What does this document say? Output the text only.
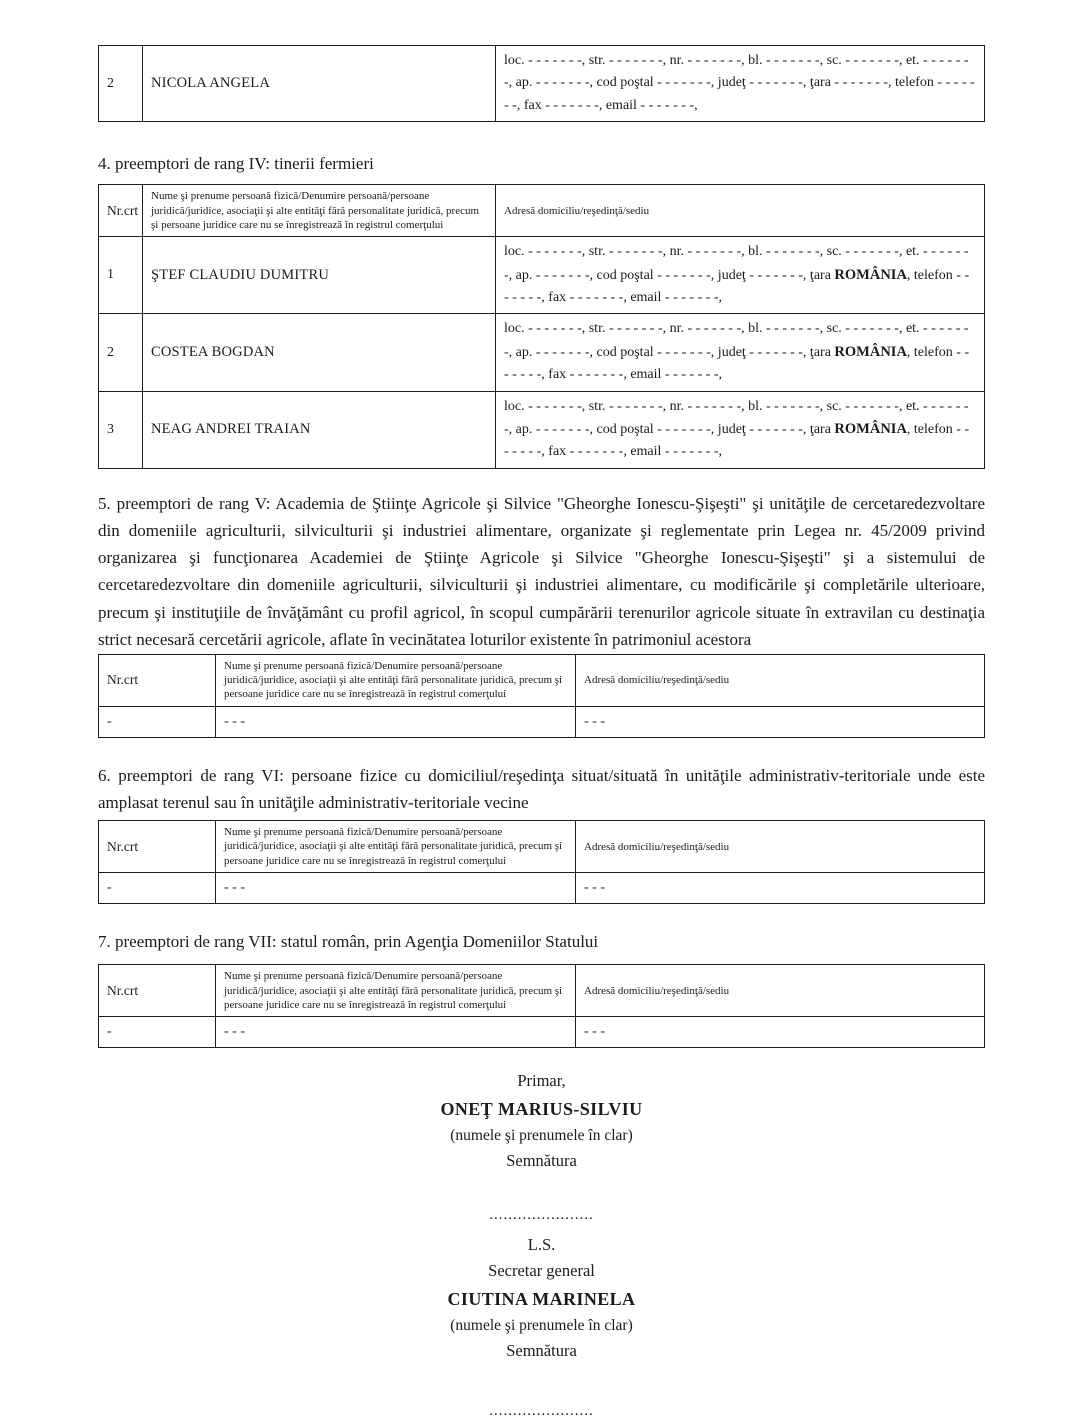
2	NICOLA ANGELA	loc. - - - - - - -, str. - - - - - - -, nr. - - - - - - -, bl. - - - - - - -, sc. - - - - - - -, et. - - - - - - -, ap. - - - - - - -, cod poştal - - - - - - -, judeţ - - - - - - -, ţara - - - - - - -, telefon - - - - - - -, fax - - - - - - -, email - - - - - - -,

4. preemptori de rang IV: tinerii fermieri

Nr.crt	Nume şi prenume persoană fizică/Denumire persoană/persoane juridică/juridice, asociaţii şi alte entităţi fără personalitate juridică, precum şi persoane juridice care nu se înregistrează în registrul comerţului	Adresă domiciliu/reşedinţă/sediu
1	ŞTEF CLAUDIU DUMITRU	loc. - - - - - - -, str. - - - - - - -, nr. - - - - - - -, bl. - - - - - - -, sc. - - - - - - -, et. - - - - - - -, ap. - - - - - - -, cod poştal - - - - - - -, judeţ - - - - - - -, ţara ROMÂNIA, telefon - - - - - - -, fax - - - - - - -, email - - - - - - -,
2	COSTEA BOGDAN	loc. - - - - - - -, str. - - - - - - -, nr. - - - - - - -, bl. - - - - - - -, sc. - - - - - - -, et. - - - - - - -, ap. - - - - - - -, cod poştal - - - - - - -, judeţ - - - - - - -, ţara ROMÂNIA, telefon - - - - - - -, fax - - - - - - -, email - - - - - - -,
3	NEAG ANDREI TRAIAN	loc. - - - - - - -, str. - - - - - - -, nr. - - - - - - -, bl. - - - - - - -, sc. - - - - - - -, et. - - - - - - -, ap. - - - - - - -, cod poştal - - - - - - -, judeţ - - - - - - -, ţara ROMÂNIA, telefon - - - - - - -, fax - - - - - - -, email - - - - - - -,

5. preemptori de rang V: Academia de Ştiinţe Agricole şi Silvice "Gheorghe Ionescu-Şişeşti" şi unităţile de cercetaredezvoltare din domeniile agriculturii, silviculturii şi industriei alimentare, organizate şi reglementate prin Legea nr. 45/2009 privind organizarea şi funcţionarea Academiei de Ştiinţe Agricole şi Silvice "Gheorghe Ionescu-Şişeşti" şi a sistemului de cercetaredezvoltare din domeniile agriculturii, silviculturii şi industriei alimentare, cu modificările şi completările ulterioare, precum şi instituţiile de învăţământ cu profil agricol, în scopul cumpărării terenurilor agricole situate în extravilan cu destinaţia strict necesară cercetării agricole, aflate în vecinătatea loturilor existente în patrimoniul acestora

Nr.crt	Nume şi prenume persoană fizică/Denumire persoană/persoane juridică/juridice, asociaţii şi alte entităţi fără personalitate juridică, precum şi persoane juridice care nu se înregistrează în registrul comerţului	Adresă domiciliu/reşedinţă/sediu
-	- - -	- - -

6. preemptori de rang VI: persoane fizice cu domiciliul/reşedinţa situat/situată în unităţile administrativ-teritoriale unde este amplasat terenul sau în unităţile administrativ-teritoriale vecine

Nr.crt	Nume şi prenume persoană fizică/Denumire persoană/persoane juridică/juridice, asociaţii şi alte entităţi fără personalitate juridică, precum şi persoane juridice care nu se înregistrează în registrul comerţului	Adresă domiciliu/reşedinţă/sediu
-	- - -	- - -

7. preemptori de rang VII: statul român, prin Agenţia Domeniilor Statului

Nr.crt	Nume şi prenume persoană fizică/Denumire persoană/persoane juridică/juridice, asociaţii şi alte entităţi fără personalitate juridică, precum şi persoane juridice care nu se înregistrează în registrul comerţului	Adresă domiciliu/reşedinţă/sediu
-	- - -	- - -
Primar,
ONEŢ MARIUS-SILVIU
(numele şi prenumele în clar)
Semnătura
......................
L.S.
Secretar general
CIUTINA MARINELA
(numele şi prenumele în clar)
Semnătura
......................
